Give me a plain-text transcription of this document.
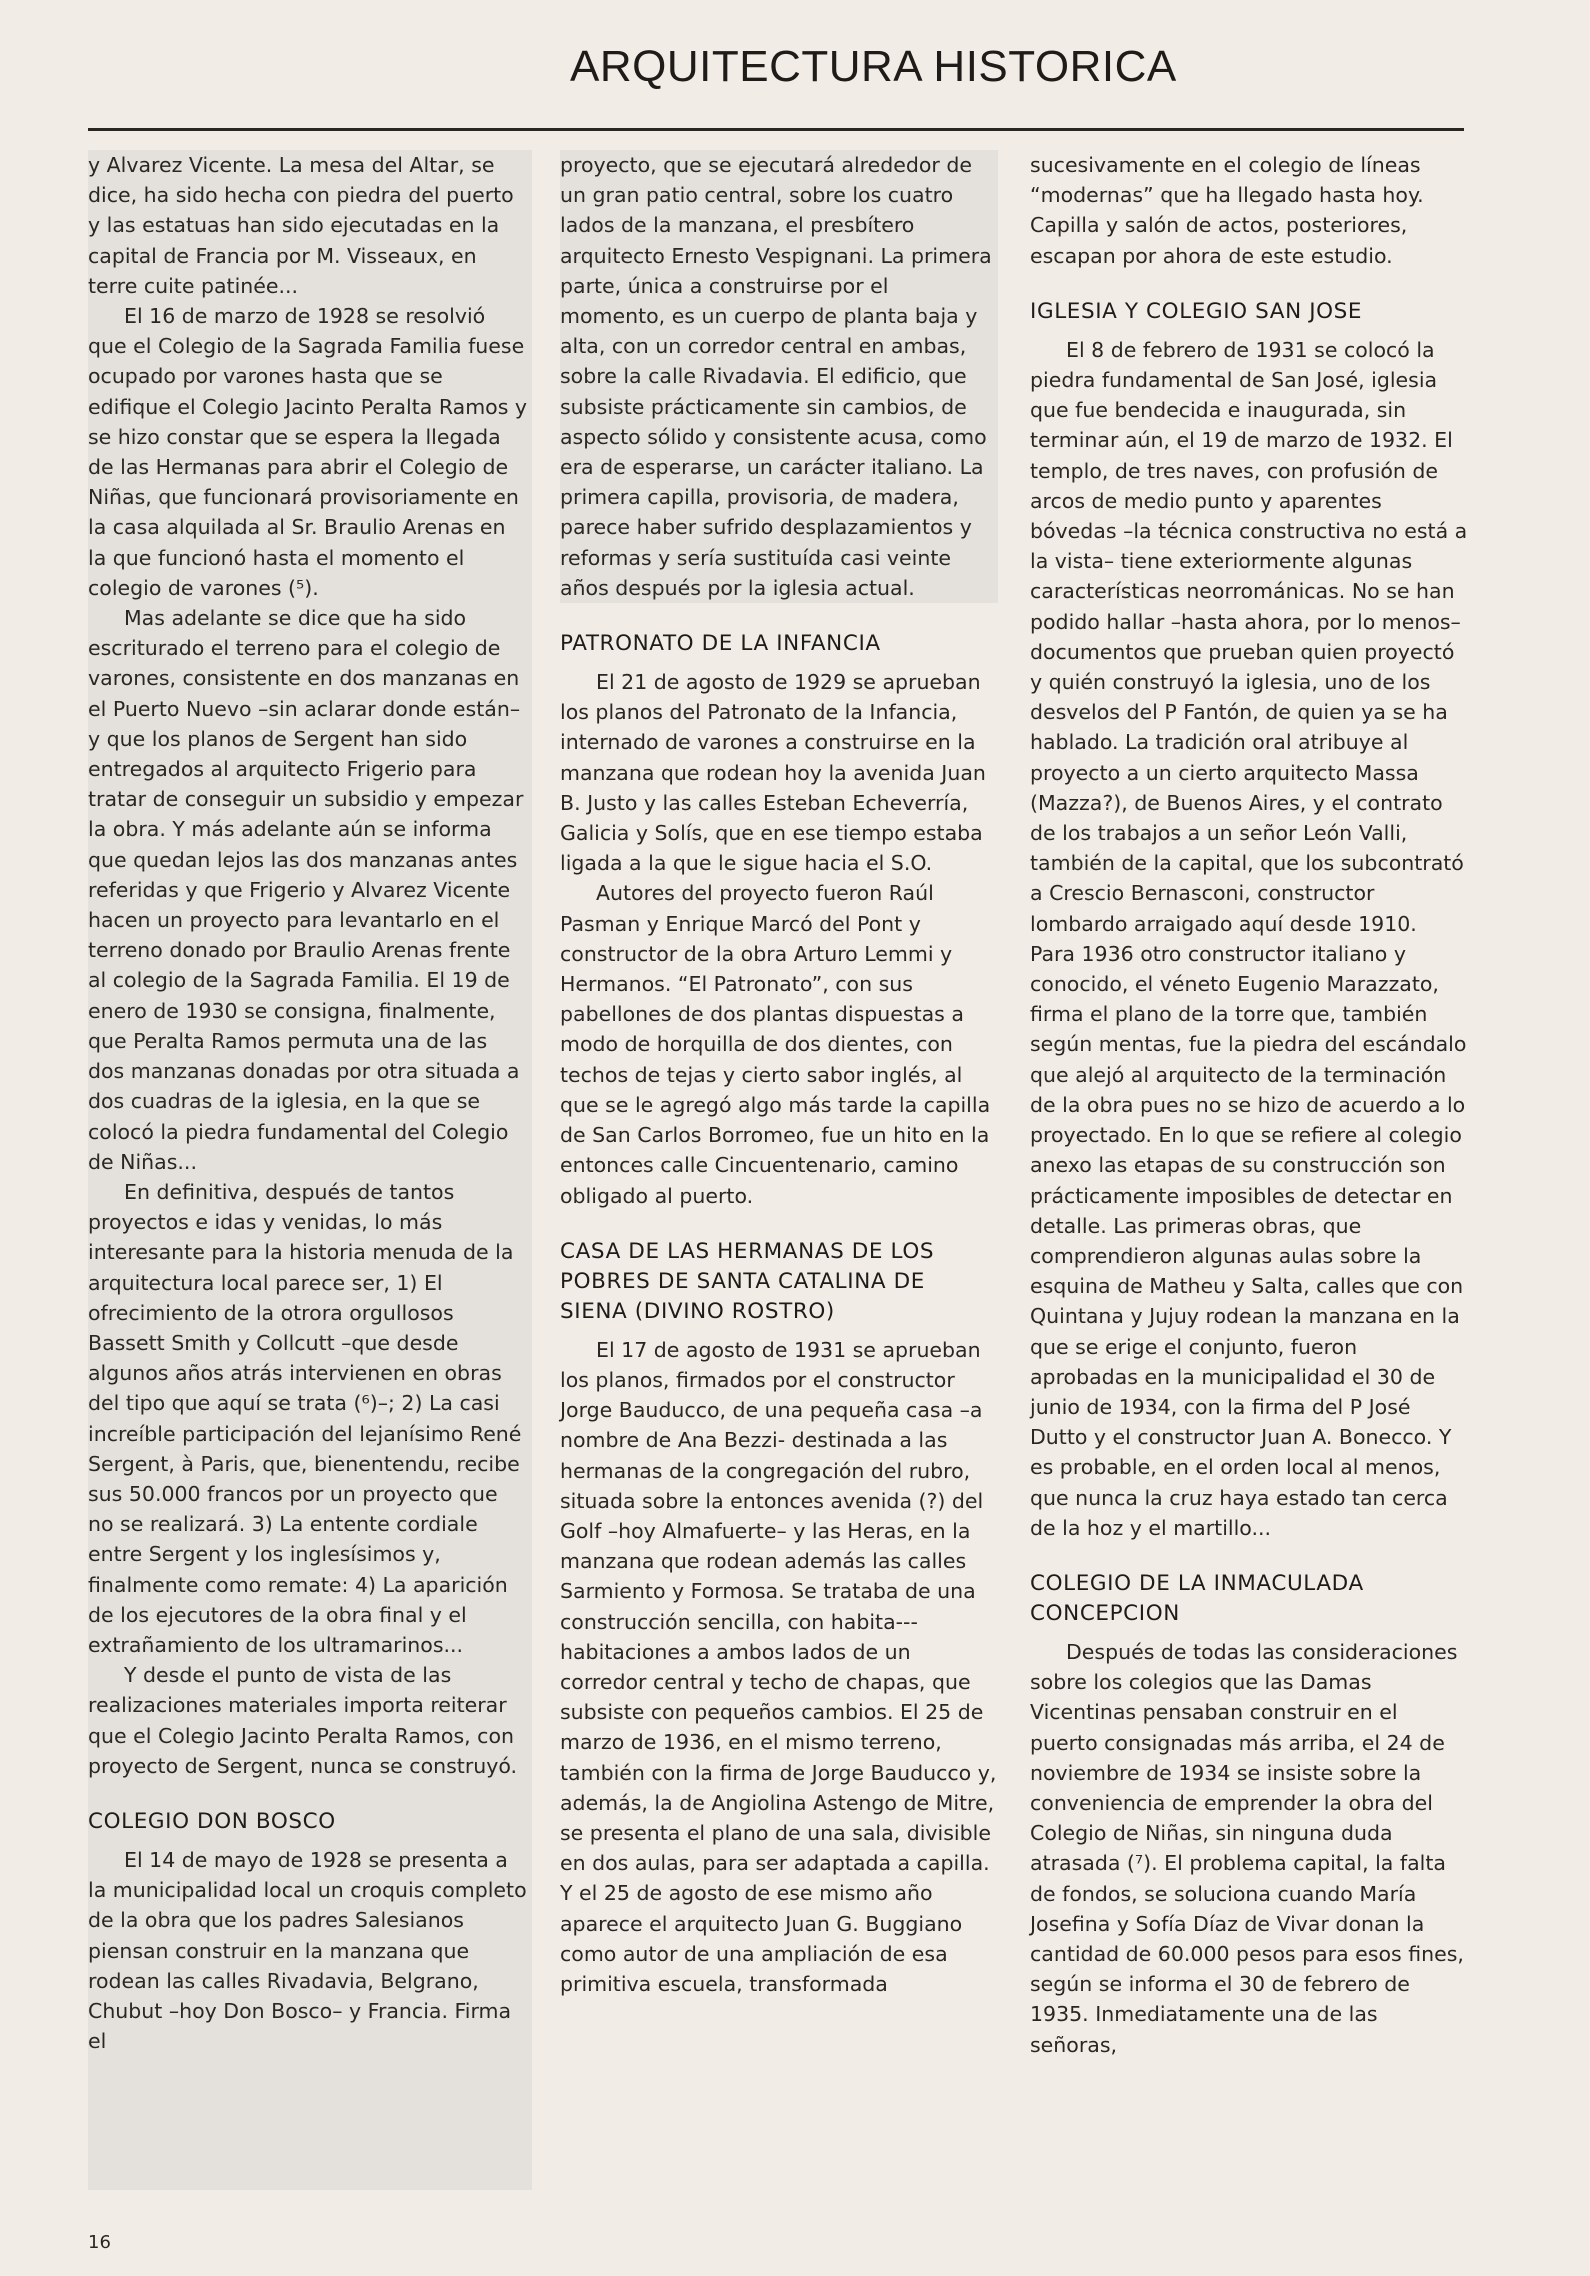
ARQUITECTURA HISTORICA

y Alvarez Vicente. La mesa del Altar, se dice, ha sido hecha con piedra del puerto y las estatuas han sido ejecutadas en la capital de Francia por M. Visseaux, en terre cuite patinée...

El 16 de marzo de 1928 se resolvió que el Colegio de la Sagrada Familia fuese ocupado por varones hasta que se edifique el Colegio Jacinto Peralta Ramos y se hizo constar que se espera la llegada de las Hermanas para abrir el Colegio de Niñas, que funcionará provisoriamente en la casa alquilada al Sr. Braulio Arenas en la que funcionó hasta el momento el colegio de varones (⁵).

Mas adelante se dice que ha sido escriturado el terreno para el colegio de varones, consistente en dos manzanas en el Puerto Nuevo –sin aclarar donde están– y que los planos de Sergent han sido entregados al arquitecto Frigerio para tratar de conseguir un subsidio y empezar la obra. Y más adelante aún se informa que quedan lejos las dos manzanas antes referidas y que Frigerio y Alvarez Vicente hacen un proyecto para levantarlo en el terreno donado por Braulio Arenas frente al colegio de la Sagrada Familia. El 19 de enero de 1930 se consigna, finalmente, que Peralta Ramos permuta una de las dos manzanas donadas por otra situada a dos cuadras de la iglesia, en la que se colocó la piedra fundamental del Colegio de Niñas...

En definitiva, después de tantos proyectos e idas y venidas, lo más interesante para la historia menuda de la arquitectura local parece ser, 1) El ofrecimiento de la otrora orgullosos Bassett Smith y Collcutt –que desde algunos años atrás intervienen en obras del tipo que aquí se trata (⁶)–; 2) La casi increíble participación del lejanísimo René Sergent, à Paris, que, bienentendu, recibe sus 50.000 francos por un proyecto que no se realizará. 3) La entente cordiale entre Sergent y los inglesísimos y, finalmente como remate: 4) La aparición de los ejecutores de la obra final y el extrañamiento de los ultramarinos...

Y desde el punto de vista de las realizaciones materiales importa reiterar que el Colegio Jacinto Peralta Ramos, con proyecto de Sergent, nunca se construyó.

COLEGIO DON BOSCO

El 14 de mayo de 1928 se presenta a la municipalidad local un croquis completo de la obra que los padres Salesianos piensan construir en la manzana que rodean las calles Rivadavia, Belgrano, Chubut –hoy Don Bosco– y Francia. Firma el

proyecto, que se ejecutará alrededor de un gran patio central, sobre los cuatro lados de la manzana, el presbítero arquitecto Ernesto Vespignani. La primera parte, única a construirse por el momento, es un cuerpo de planta baja y alta, con un corredor central en ambas, sobre la calle Rivadavia. El edificio, que subsiste prácticamente sin cambios, de aspecto sólido y consistente acusa, como era de esperarse, un carácter italiano. La primera capilla, provisoria, de madera, parece haber sufrido desplazamientos y reformas y sería sustituída casi veinte años después por la iglesia actual.

PATRONATO DE LA INFANCIA

El 21 de agosto de 1929 se aprueban los planos del Patronato de la Infancia, internado de varones a construirse en la manzana que rodean hoy la avenida Juan B. Justo y las calles Esteban Echeverría, Galicia y Solís, que en ese tiempo estaba ligada a la que le sigue hacia el S.O.

Autores del proyecto fueron Raúl Pasman y Enrique Marcó del Pont y constructor de la obra Arturo Lemmi y Hermanos. “El Patronato”, con sus pabellones de dos plantas dispuestas a modo de horquilla de dos dientes, con techos de tejas y cierto sabor inglés, al que se le agregó algo más tarde la capilla de San Carlos Borromeo, fue un hito en la entonces calle Cincuentenario, camino obligado al puerto.

CASA DE LAS HERMANAS DE LOS POBRES DE SANTA CATALINA DE SIENA (DIVINO ROSTRO)

El 17 de agosto de 1931 se aprueban los planos, firmados por el constructor Jorge Bauducco, de una pequeña casa –a nombre de Ana Bezzi- destinada a las hermanas de la congregación del rubro, situada sobre la entonces avenida (?) del Golf –hoy Almafuerte– y las Heras, en la manzana que rodean además las calles Sarmiento y Formosa. Se trataba de una construcción sencilla, con habita--- habitaciones a ambos lados de un corredor central y techo de chapas, que subsiste con pequeños cambios. El 25 de marzo de 1936, en el mismo terreno, también con la firma de Jorge Bauducco y, además, la de Angiolina Astengo de Mitre, se presenta el plano de una sala, divisible en dos aulas, para ser adaptada a capilla. Y el 25 de agosto de ese mismo año aparece el arquitecto Juan G. Buggiano como autor de una ampliación de esa primitiva escuela, transformada

sucesivamente en el colegio de líneas “modernas” que ha llegado hasta hoy. Capilla y salón de actos, posteriores, escapan por ahora de este estudio.

IGLESIA Y COLEGIO SAN JOSE

El 8 de febrero de 1931 se colocó la piedra fundamental de San José, iglesia que fue bendecida e inaugurada, sin terminar aún, el 19 de marzo de 1932. El templo, de tres naves, con profusión de arcos de medio punto y aparentes bóvedas –la técnica constructiva no está a la vista– tiene exteriormente algunas características neorrománicas. No se han podido hallar –hasta ahora, por lo menos– documentos que prueban quien proyectó y quién construyó la iglesia, uno de los desvelos del P Fantón, de quien ya se ha hablado. La tradición oral atribuye al proyecto a un cierto arquitecto Massa (Mazza?), de Buenos Aires, y el contrato de los trabajos a un señor León Valli, también de la capital, que los subcontrató a Crescio Bernasconi, constructor lombardo arraigado aquí desde 1910. Para 1936 otro constructor italiano y conocido, el véneto Eugenio Marazzato, firma el plano de la torre que, también según mentas, fue la piedra del escándalo que alejó al arquitecto de la terminación de la obra pues no se hizo de acuerdo a lo proyectado. En lo que se refiere al colegio anexo las etapas de su construcción son prácticamente imposibles de detectar en detalle. Las primeras obras, que comprendieron algunas aulas sobre la esquina de Matheu y Salta, calles que con Quintana y Jujuy rodean la manzana en la que se erige el conjunto, fueron aprobadas en la municipalidad el 30 de junio de 1934, con la firma del P José Dutto y el constructor Juan A. Bonecco. Y es probable, en el orden local al menos, que nunca la cruz haya estado tan cerca de la hoz y el martillo...

COLEGIO DE LA INMACULADA CONCEPCION

Después de todas las consideraciones sobre los colegios que las Damas Vicentinas pensaban construir en el puerto consignadas más arriba, el 24 de noviembre de 1934 se insiste sobre la conveniencia de emprender la obra del Colegio de Niñas, sin ninguna duda atrasada (⁷). El problema capital, la falta de fondos, se soluciona cuando María Josefina y Sofía Díaz de Vivar donan la cantidad de 60.000 pesos para esos fines, según se informa el 30 de febrero de 1935. Inmediatamente una de las señoras,

16
